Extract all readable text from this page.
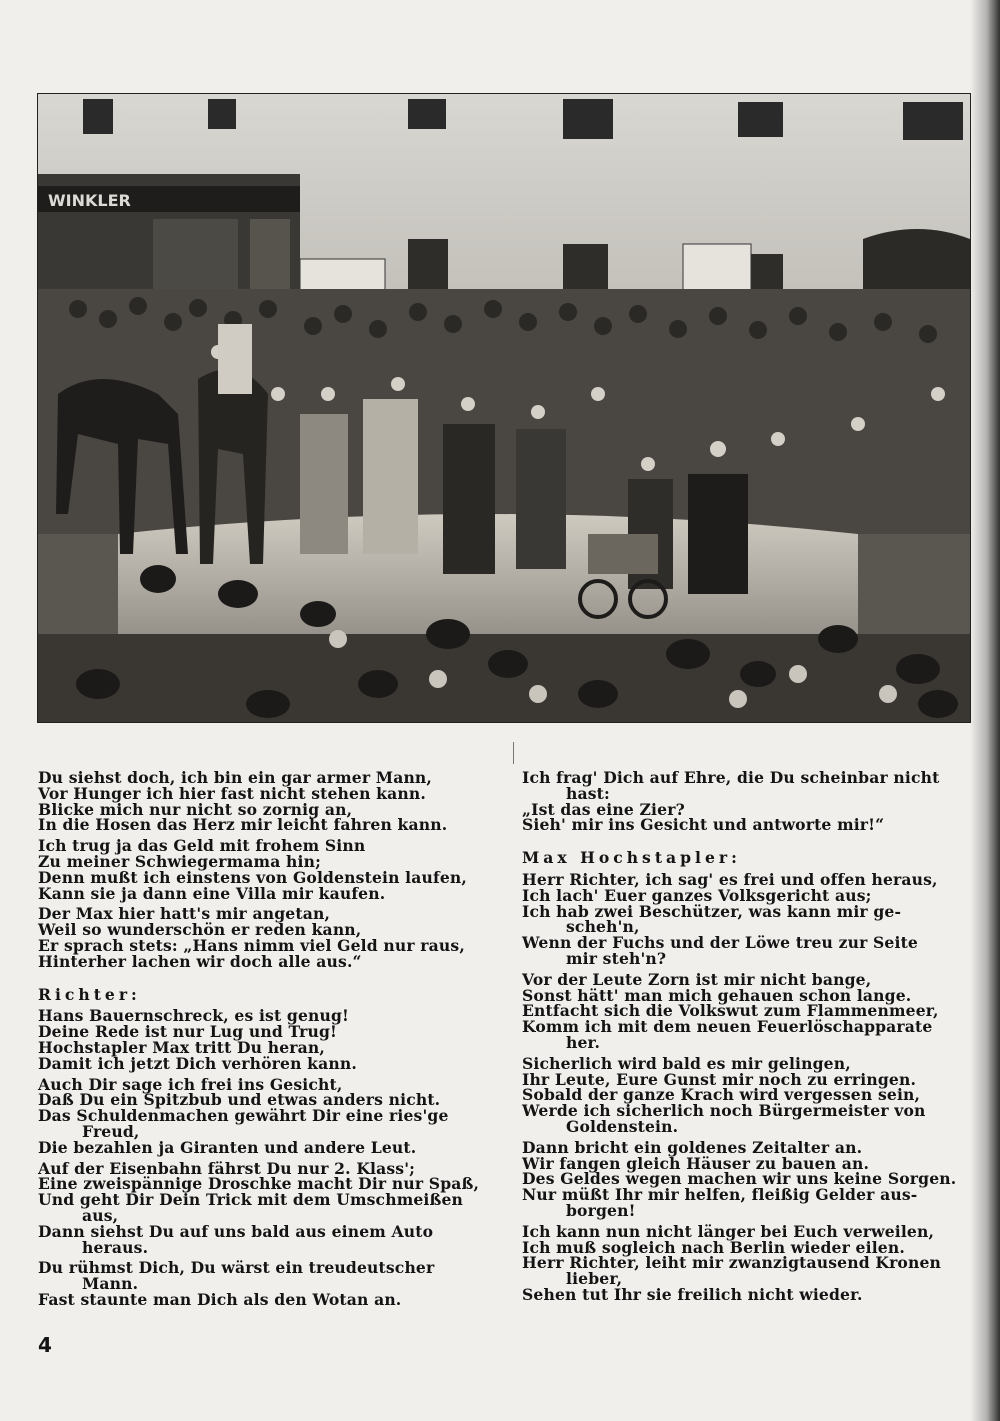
WINKLER
Du siehst doch, ich bin ein gar armer Mann,
Vor Hunger ich hier fast nicht stehen kann.
Blicke mich nur nicht so zornig an,
In die Hosen das Herz mir leicht fahren kann.
Ich trug ja das Geld mit frohem Sinn
Zu meiner Schwiegermama hin;
Denn mußt ich einstens von Goldenstein laufen,
Kann sie ja dann eine Villa mir kaufen.
Der Max hier hatt's mir angetan,
Weil so wunderschön er reden kann,
Er sprach stets: „Hans nimm viel Geld nur raus,
Hinterher lachen wir doch alle aus.“
Richter:
Hans Bauernschreck, es ist genug!
Deine Rede ist nur Lug und Trug!
Hochstapler Max tritt Du heran,
Damit ich jetzt Dich verhören kann.
Auch Dir sage ich frei ins Gesicht,
Daß Du ein Spitzbub und etwas anders nicht.
Das Schuldenmachen gewährt Dir eine ries'ge
Freud,
Die bezahlen ja Giranten und andere Leut.
Auf der Eisenbahn fährst Du nur 2. Klass';
Eine zweispännige Droschke macht Dir nur Spaß,
Und geht Dir Dein Trick mit dem Umschmeißen
aus,
Dann siehst Du auf uns bald aus einem Auto
heraus.
Du rühmst Dich, Du wärst ein treudeutscher
Mann.
Fast staunte man Dich als den Wotan an.
Ich frag' Dich auf Ehre, die Du scheinbar nicht
hast:
„Ist das eine Zier?
Sieh' mir ins Gesicht und antworte mir!“
Max Hochstapler:
Herr Richter, ich sag' es frei und offen heraus,
Ich lach' Euer ganzes Volksgericht aus;
Ich hab zwei Beschützer, was kann mir ge-
scheh'n,
Wenn der Fuchs und der Löwe treu zur Seite
mir steh'n?
Vor der Leute Zorn ist mir nicht bange,
Sonst hätt' man mich gehauen schon lange.
Entfacht sich die Volkswut zum Flammenmeer,
Komm ich mit dem neuen Feuerlöschapparate
her.
Sicherlich wird bald es mir gelingen,
Ihr Leute, Eure Gunst mir noch zu erringen.
Sobald der ganze Krach wird vergessen sein,
Werde ich sicherlich noch Bürgermeister von
Goldenstein.
Dann bricht ein goldenes Zeitalter an.
Wir fangen gleich Häuser zu bauen an.
Des Geldes wegen machen wir uns keine Sorgen.
Nur müßt Ihr mir helfen, fleißig Gelder aus-
borgen!
Ich kann nun nicht länger bei Euch verweilen,
Ich muß sogleich nach Berlin wieder eilen.
Herr Richter, leiht mir zwanzigtausend Kronen
lieber,
Sehen tut Ihr sie freilich nicht wieder.
4
